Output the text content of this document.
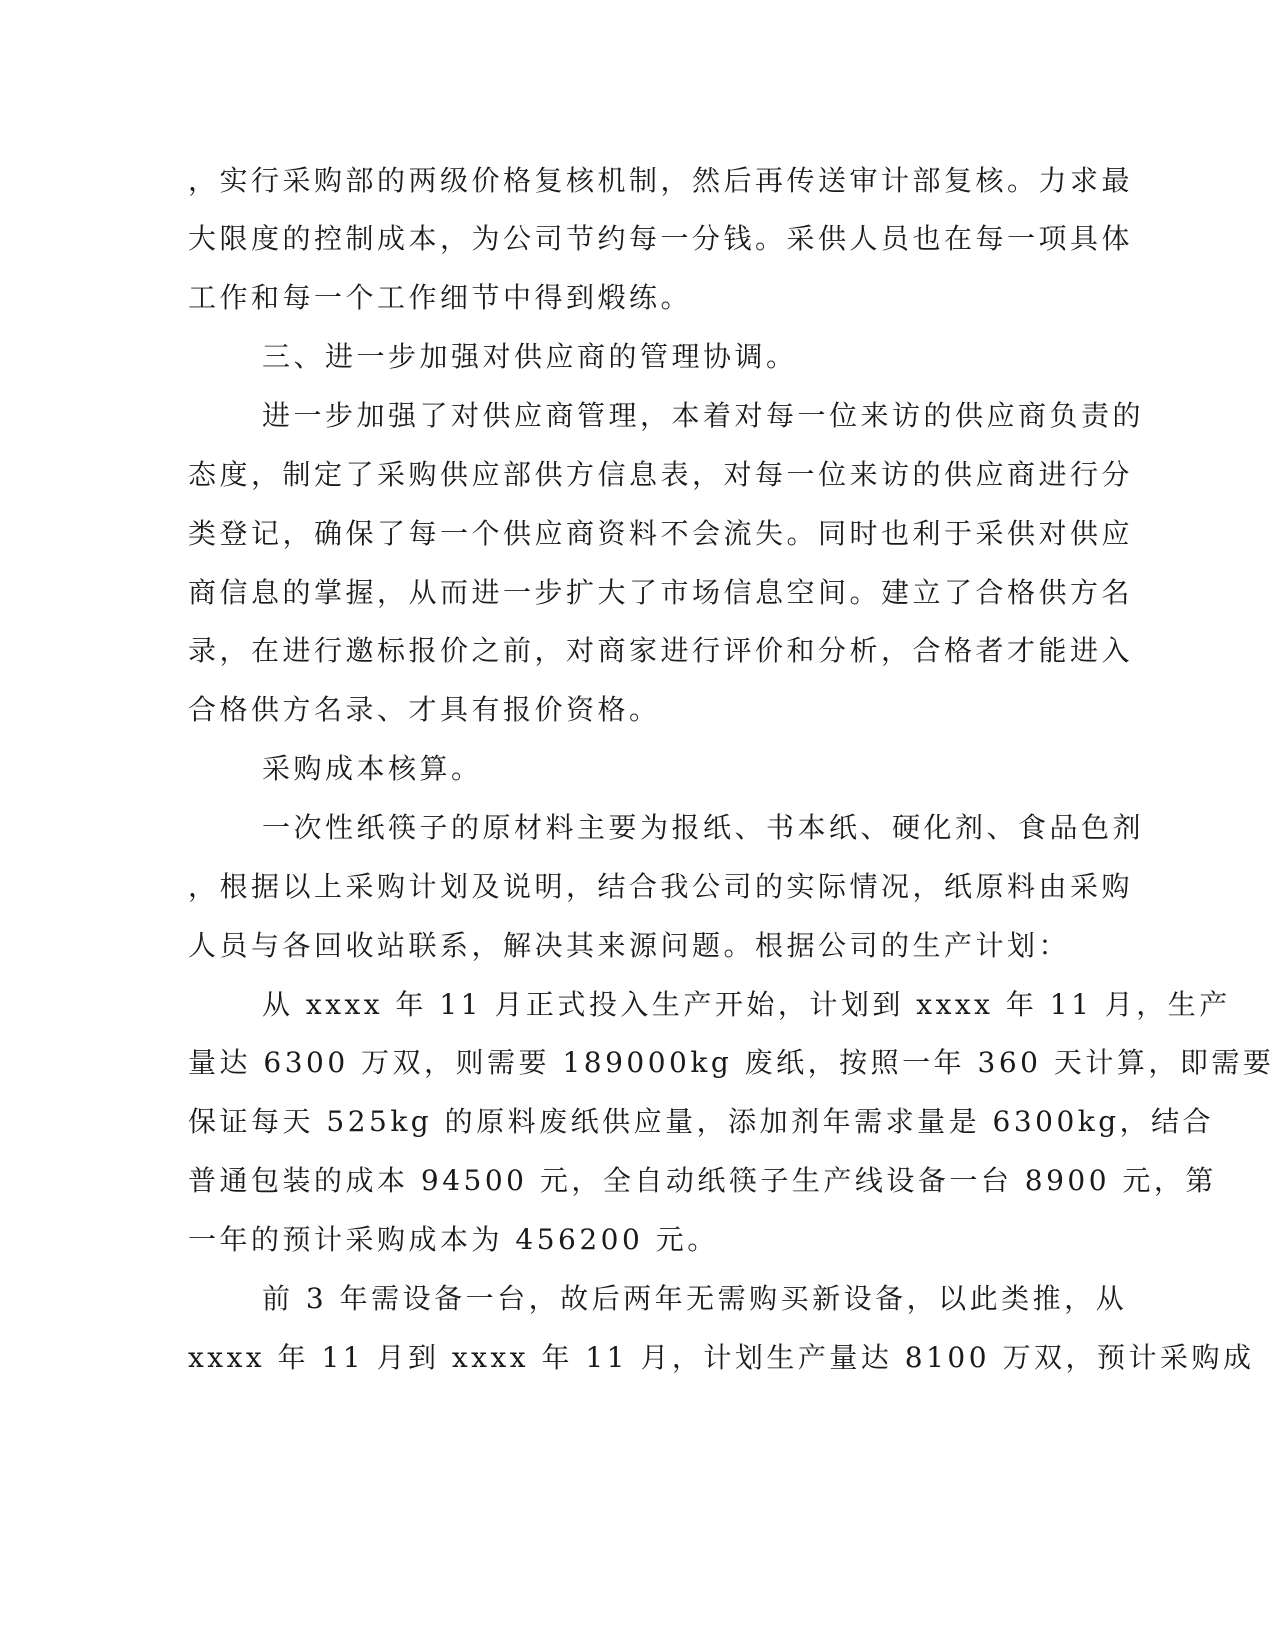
，实行采购部的两级价格复核机制，然后再传送审计部复核。力求最
大限度的控制成本，为公司节约每一分钱。采供人员也在每一项具体
工作和每一个工作细节中得到煅练。
三、进一步加强对供应商的管理协调。
进一步加强了对供应商管理，本着对每一位来访的供应商负责的
态度，制定了采购供应部供方信息表，对每一位来访的供应商进行分
类登记，确保了每一个供应商资料不会流失。同时也利于采供对供应
商信息的掌握，从而进一步扩大了市场信息空间。建立了合格供方名
录，在进行邀标报价之前，对商家进行评价和分析，合格者才能进入
合格供方名录、才具有报价资格。
采购成本核算。
一次性纸筷子的原材料主要为报纸、书本纸、硬化剂、食品色剂
，根据以上采购计划及说明，结合我公司的实际情况，纸原料由采购
人员与各回收站联系，解决其来源问题。根据公司的生产计划：
从 xxxx 年 11 月正式投入生产开始，计划到 xxxx 年 11 月，生产
量达 6300 万双，则需要 189000kg 废纸，按照一年 360 天计算，即需要
保证每天 525kg 的原料废纸供应量，添加剂年需求量是 6300kg，结合
普通包装的成本 94500 元，全自动纸筷子生产线设备一台 8900 元，第
一年的预计采购成本为 456200 元。
前 3 年需设备一台，故后两年无需购买新设备，以此类推，从
xxxx 年 11 月到 xxxx 年 11 月，计划生产量达 8100 万双，预计采购成
